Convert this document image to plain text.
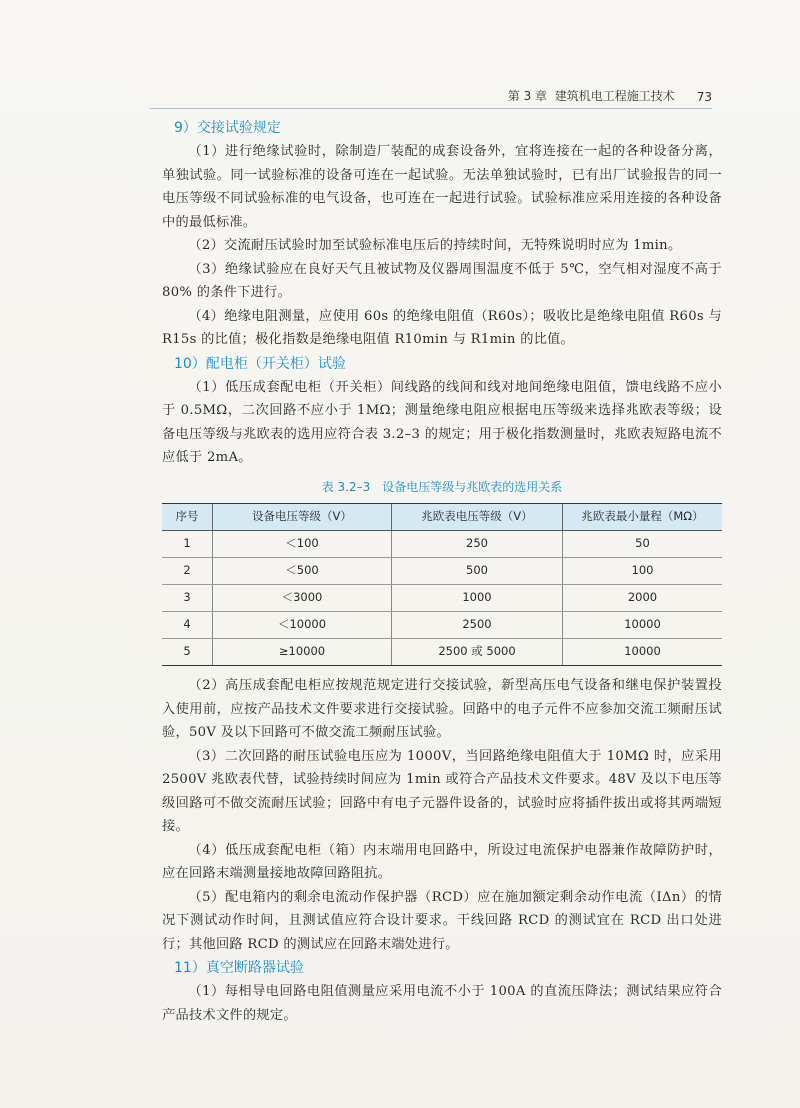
第 3 章 建筑机电工程施工技术 73
9）交接试验规定

（1）进行绝缘试验时，除制造厂装配的成套设备外，宜将连接在一起的各种设备分离，单独试验。同一试验标准的设备可连在一起试验。无法单独试验时，已有出厂试验报告的同一电压等级不同试验标准的电气设备，也可连在一起进行试验。试验标准应采用连接的各种设备中的最低标准。

（2）交流耐压试验时加至试验标准电压后的持续时间，无特殊说明时应为 1min。

（3）绝缘试验应在良好天气且被试物及仪器周围温度不低于 5℃，空气相对湿度不高于 80% 的条件下进行。

（4）绝缘电阻测量，应使用 60s 的绝缘电阻值（R60s）；吸收比是绝缘电阻值 R60s 与 R15s 的比值；极化指数是绝缘电阻值 R10min 与 R1min 的比值。

10）配电柜（开关柜）试验

（1）低压成套配电柜（开关柜）间线路的线间和线对地间绝缘电阻值，馈电线路不应小于 0.5MΩ，二次回路不应小于 1MΩ；测量绝缘电阻应根据电压等级来选择兆欧表等级；设备电压等级与兆欧表的选用应符合表 3.2–3 的规定；用于极化指数测量时，兆欧表短路电流不应低于 2mA。

表 3.2–3　设备电压等级与兆欧表的选用关系
序号	设备电压等级（V）	兆欧表电压等级（V）	兆欧表最小量程（MΩ）
1	＜100	250	50
2	＜500	500	100
3	＜3000	1000	2000
4	＜10000	2500	10000
5	≥10000	2500 或 5000	10000

（2）高压成套配电柜应按规范规定进行交接试验，新型高压电气设备和继电保护装置投入使用前，应按产品技术文件要求进行交接试验。回路中的电子元件不应参加交流工频耐压试验，50V 及以下回路可不做交流工频耐压试验。

（3）二次回路的耐压试验电压应为 1000V，当回路绝缘电阻值大于 10MΩ 时，应采用 2500V 兆欧表代替，试验持续时间应为 1min 或符合产品技术文件要求。48V 及以下电压等级回路可不做交流耐压试验；回路中有电子元器件设备的，试验时应将插件拔出或将其两端短接。

（4）低压成套配电柜（箱）内末端用电回路中，所设过电流保护电器兼作故障防护时，应在回路末端测量接地故障回路阻抗。

（5）配电箱内的剩余电流动作保护器（RCD）应在施加额定剩余动作电流（IΔn）的情况下测试动作时间，且测试值应符合设计要求。干线回路 RCD 的测试宜在 RCD 出口处进行；其他回路 RCD 的测试应在回路末端处进行。

11）真空断路器试验

（1）每相导电回路电阻值测量应采用电流不小于 100A 的直流压降法；测试结果应符合产品技术文件的规定。
